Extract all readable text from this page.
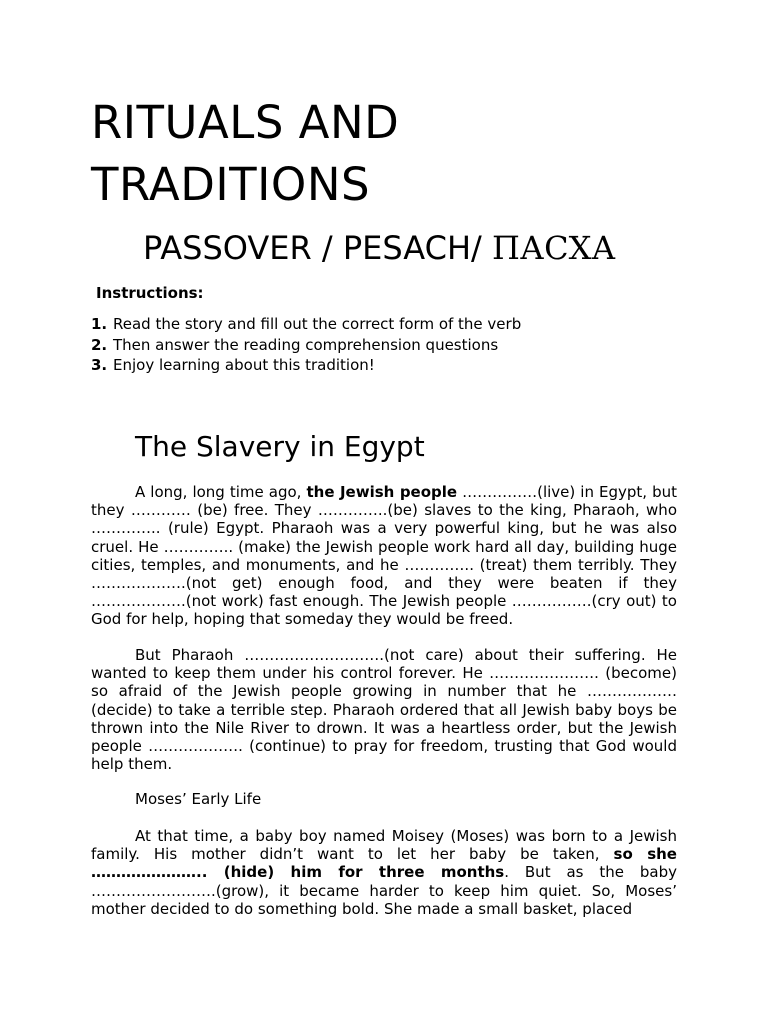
RITUALS AND TRADITIONS
PASSOVER / PESACH/ ПАСХА
Instructions:
1. Read the story and fill out the correct form of the verb
2. Then answer the reading comprehension questions
3. Enjoy learning about this tradition!
The Slavery in Egypt

A long, long time ago, the Jewish people ……………(live) in Egypt, but they ………… (be) free. They …………..(be) slaves to the king, Pharaoh, who ………….. (rule) Egypt. Pharaoh was a very powerful king, but he was also cruel. He ………….. (make) the Jewish people work hard all day, building huge cities, temples, and monuments, and he ………….. (treat) them terribly. They ……………….(not get) enough food, and they were beaten if they ……………….(not work) fast enough. The Jewish people …………….(cry out) to God for help, hoping that someday they would be freed.

But Pharaoh ……………………….(not care) about their suffering. He wanted to keep them under his control forever. He …………………. (become) so afraid of the Jewish people growing in number that he ……………… (decide) to take a terrible step. Pharaoh ordered that all Jewish baby boys be thrown into the Nile River to drown. It was a heartless order, but the Jewish people ………………. (continue) to pray for freedom, trusting that God would help them.

Moses’ Early Life

At that time, a baby boy named Moisey (Moses) was born to a Jewish family. His mother didn’t want to let her baby be taken, so she ………………….. (hide) him for three months. But as the baby …………………….(grow), it became harder to keep him quiet. So, Moses’ mother decided to do something bold. She made a small basket, placed
